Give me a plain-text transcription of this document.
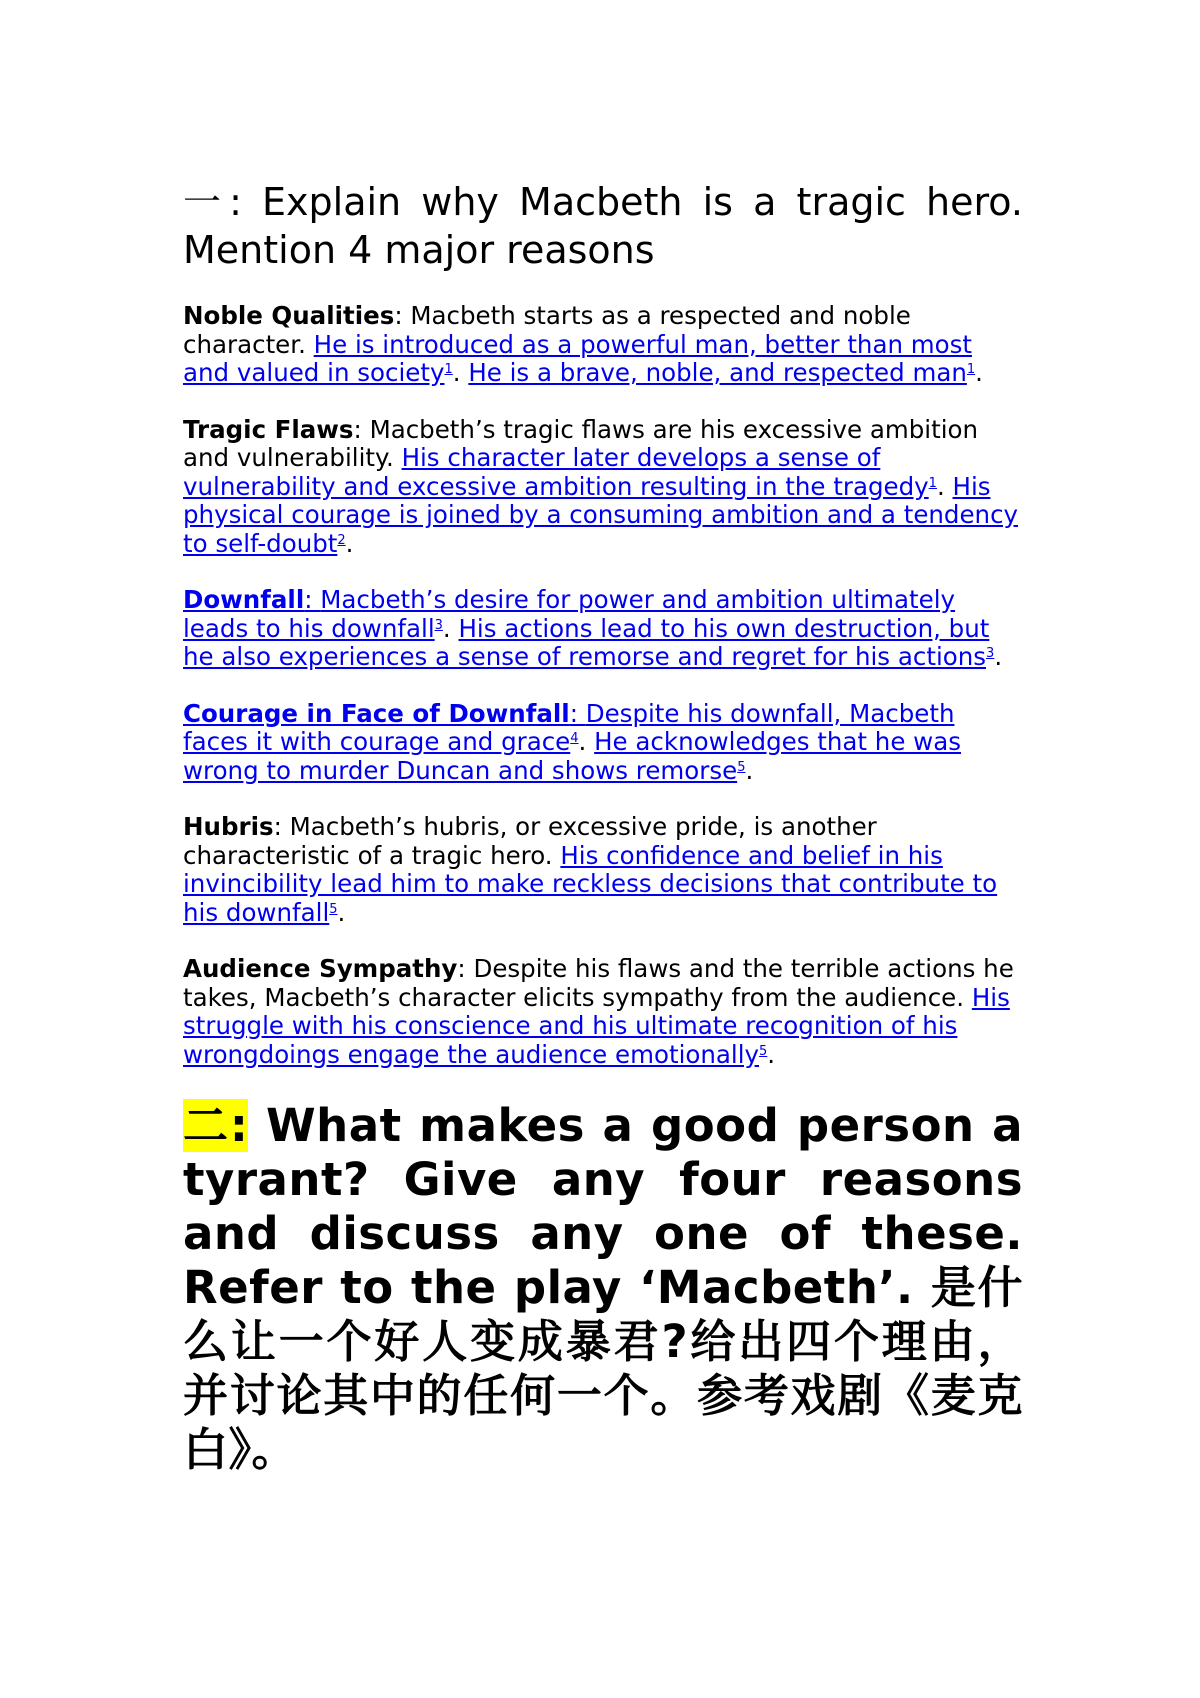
一: Explain why Macbeth is a tragic hero. Mention 4 major reasons
Noble Qualities: Macbeth starts as a respected and noble character. He is introduced as a powerful man, better than most and valued in society$^1$. He is a brave, noble, and respected man$^1$.
Tragic Flaws: Macbeth’s tragic flaws are his excessive ambition and vulnerability. His character later develops a sense of vulnerability and excessive ambition resulting in the tragedy$^1$. His physical courage is joined by a consuming ambition and a tendency to self-doubt$^2$.
Downfall: Macbeth’s desire for power and ambition ultimately leads to his downfall$^3$. His actions lead to his own destruction, but he also experiences a sense of remorse and regret for his actions$^3$.
Courage in Face of Downfall: Despite his downfall, Macbeth faces it with courage and grace$^4$. He acknowledges that he was wrong to murder Duncan and shows remorse$^5$.
Hubris: Macbeth’s hubris, or excessive pride, is another characteristic of a tragic hero. His confidence and belief in his invincibility lead him to make reckless decisions that contribute to his downfall$^5$.
Audience Sympathy: Despite his flaws and the terrible actions he takes, Macbeth’s character elicits sympathy from the audience. His struggle with his conscience and his ultimate recognition of his wrongdoings engage the audience emotionally$^5$.
二: What makes a good person a tyrant? Give any four reasons and discuss any one of these. Refer to the play ‘Macbeth’. 是什么让一个好人变成暴君?给出四个理由，并讨论其中的任何一个。参考戏剧《麦克白》。
